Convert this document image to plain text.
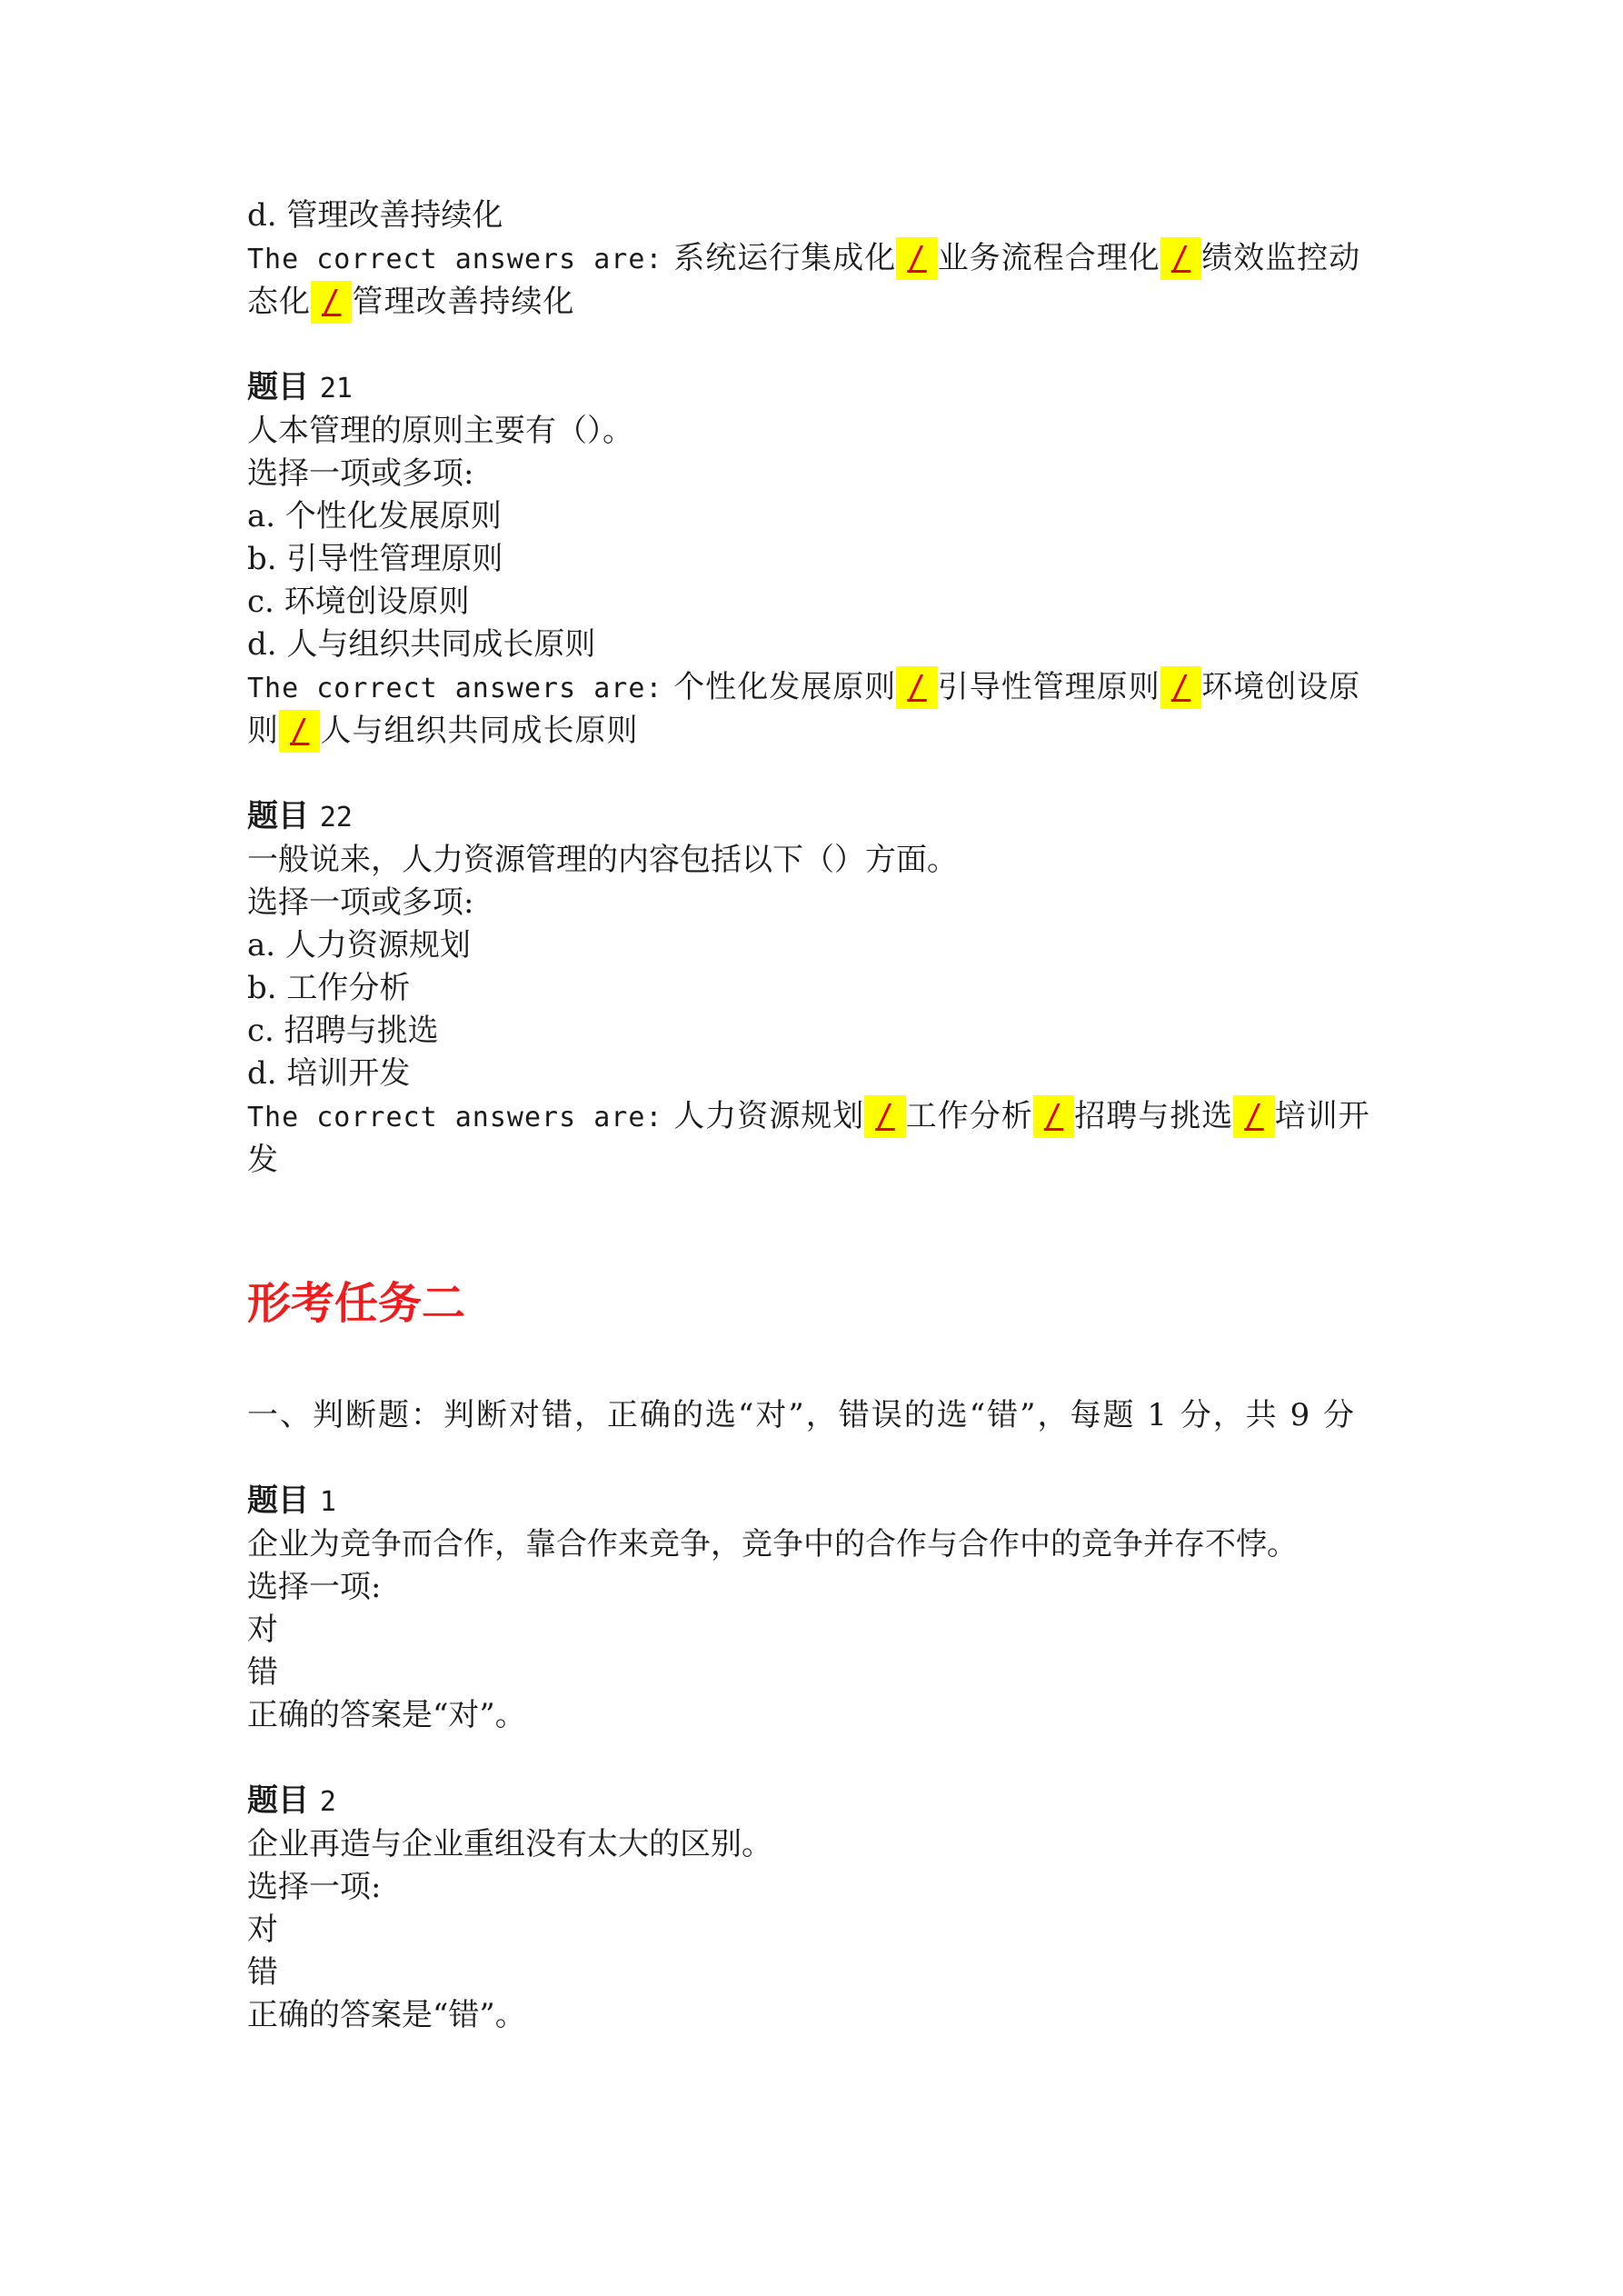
d. 管理改善持续化
The correct answers are: 系统运行集成化 / 业务流程合理化 / 绩效监控动态化 / 管理改善持续化
题目 21
人本管理的原则主要有（）。
选择一项或多项:
a. 个性化发展原则
b. 引导性管理原则
c. 环境创设原则
d. 人与组织共同成长原则
The correct answers are: 个性化发展原则 / 引导性管理原则 / 环境创设原则 / 人与组织共同成长原则
题目 22
一般说来，人力资源管理的内容包括以下（）方面。
选择一项或多项:
a. 人力资源规划
b. 工作分析
c. 招聘与挑选
d. 培训开发
The correct answers are: 人力资源规划 / 工作分析 / 招聘与挑选 / 培训开发
形考任务二
一、判断题：判断对错，正确的选“对”，错误的选“错”，每题 1 分，共 9 分
题目 1
企业为竞争而合作，靠合作来竞争，竞争中的合作与合作中的竞争并存不悖。
选择一项:
对
错
正确的答案是“对”。
题目 2
企业再造与企业重组没有太大的区别。
选择一项:
对
错
正确的答案是“错”。
